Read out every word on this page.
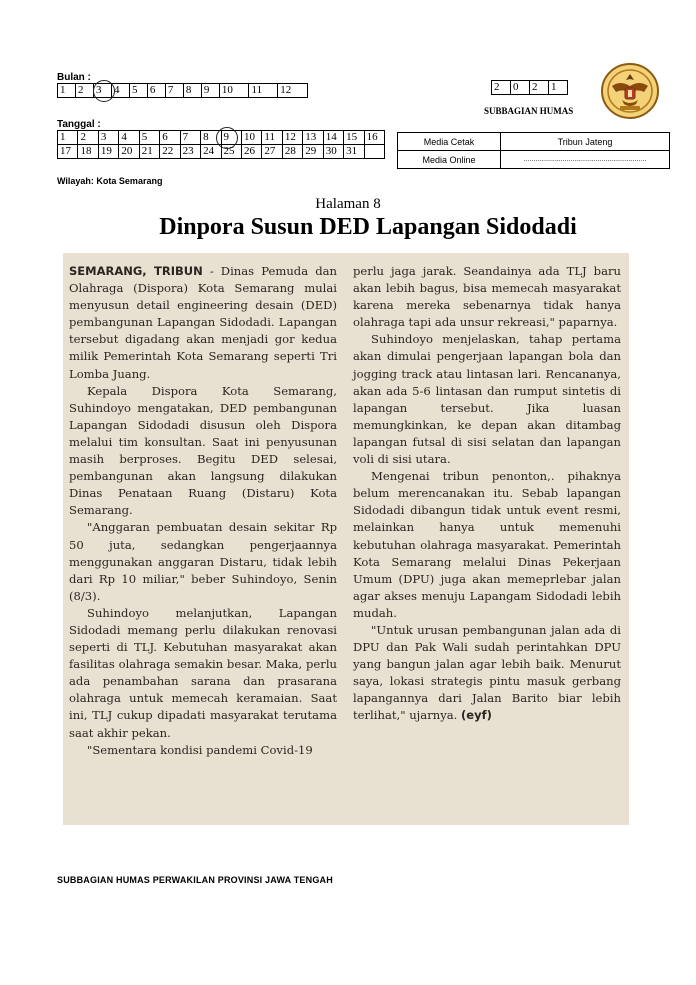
Bulan :
1	2	3	4	5	6	7	8	9	10	11	12	2	0	2	1
SUBBAGIAN HUMAS
Tanggal :
1	2	3	4	5	6	7	8	9	10	11	12	13	14	15	16
17	18	19	20	21	22	23	24	25	26	27	28	29	30	31	
Media Cetak	Tribun Jateng
Media Online	...............................................................
Wilayah: Kota Semarang
Halaman 8
Dinpora Susun DED Lapangan Sidodadi

SEMARANG, TRIBUN - Dinas Pemuda dan Olahraga (Dispora) Kota Semarang mulai menyusun detail engineering desain (DED) pembangunan Lapangan Sidodadi. Lapangan tersebut digadang akan menjadi gor kedua milik Pemerintah Kota Semarang seperti Tri Lomba Juang.

Kepala Dispora Kota Semarang, Suhindoyo mengatakan, DED pembangunan Lapangan Sidodadi disusun oleh Dispora melalui tim konsultan. Saat ini penyusunan masih berproses. Begitu DED selesai, pembangunan akan langsung dilakukan Dinas Penataan Ruang (Distaru) Kota Semarang.

"Anggaran pembuatan desain sekitar Rp 50 juta, sedangkan pengerjaannya menggunakan anggaran Distaru, tidak lebih dari Rp 10 miliar," beber Suhindoyo, Senin (8/3).

Suhindoyo melanjutkan, Lapangan Sidodadi memang perlu dilakukan renovasi seperti di TLJ. Kebutuhan masyarakat akan fasilitas olahraga semakin besar. Maka, perlu ada penambahan sarana dan prasarana olahraga untuk memecah keramaian. Saat ini, TLJ cukup dipadati masyarakat terutama saat akhir pekan.

"Sementara kondisi pandemi Covid-19

perlu jaga jarak. Seandainya ada TLJ baru akan lebih bagus, bisa memecah masyarakat karena mereka sebenarnya tidak hanya olahraga tapi ada unsur rekreasi," paparnya.

Suhindoyo menjelaskan, tahap pertama akan dimulai pengerjaan lapangan bola dan jogging track atau lintasan lari. Rencananya, akan ada 5-6 lintasan dan rumput sintetis di lapangan tersebut. Jika luasan memungkinkan, ke depan akan ditambag lapangan futsal di sisi selatan dan lapangan voli di sisi utara.

Mengenai tribun penonton,. pihaknya belum merencanakan itu. Sebab lapangan Sidodadi dibangun tidak untuk event resmi, melainkan hanya untuk memenuhi kebutuhan olahraga masyarakat. Pemerintah Kota Semarang melalui Dinas Pekerjaan Umum (DPU) juga akan memeprlebar jalan agar akses menuju Lapangam Sidodadi lebih mudah.

"Untuk urusan pembangunan jalan ada di DPU dan Pak Wali sudah perintahkan DPU yang bangun jalan agar lebih baik. Menurut saya, lokasi strategis pintu masuk gerbang lapangannya dari Jalan Barito biar lebih terlihat," ujarnya. (eyf)

SUBBAGIAN HUMAS PERWAKILAN PROVINSI JAWA TENGAH
